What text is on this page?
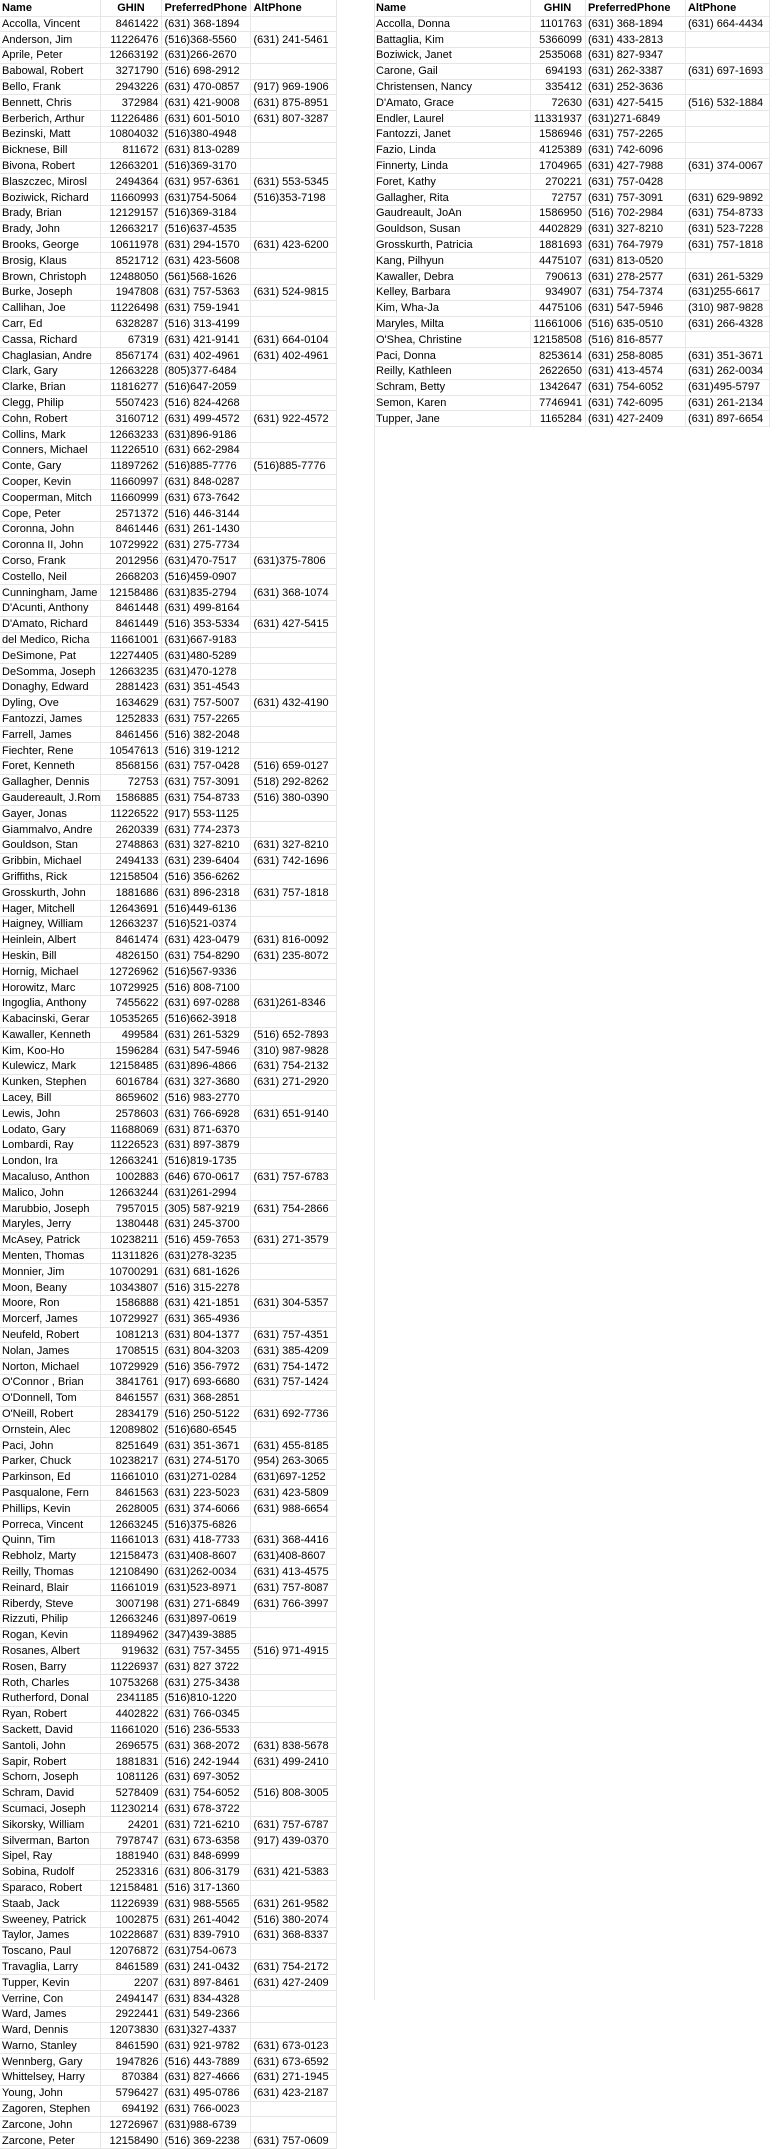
Name	GHIN	PreferredPhone	AltPhone
Accolla, Vincent	8461422	(631) 368-1894	
Anderson, Jim	11226476	(516)368-5560	(631) 241-5461
Aprile, Peter	12663192	(631)266-2670	
Babowal, Robert	3271790	(516) 698-2912	
Bello, Frank	2943226	(631) 470-0857	(917) 969-1906
Bennett, Chris	372984	(631) 421-9008	(631) 875-8951
Berberich, Arthur	11226486	(631) 601-5010	(631) 807-3287
Bezinski, Matt	10804032	(516)380-4948	
Bicknese, Bill	811672	(631) 813-0289	
Bivona, Robert	12663201	(516)369-3170	
Blaszczec, Mirosl	2494364	(631) 957-6361	(631) 553-5345
Boziwick, Richard	11660993	(631)754-5064	(516)353-7198
Brady, Brian	12129157	(516)369-3184	
Brady, John	12663217	(516)637-4535	
Brooks, George	10611978	(631) 294-1570	(631) 423-6200
Brosig, Klaus	8521712	(631) 423-5608	
Brown, Christoph	12488050	(561)568-1626	
Burke, Joseph	1947808	(631) 757-5363	(631) 524-9815
Callihan, Joe	11226498	(631) 759-1941	
Carr, Ed	6328287	(516) 313-4199	
Cassa, Richard	67319	(631) 421-9141	(631) 664-0104
Chaglasian, Andre	8567174	(631) 402-4961	(631) 402-4961
Clark, Gary	12663228	(805)377-6484	
Clarke, Brian	11816277	(516)647-2059	
Clegg, Philip	5507423	(516) 824-4268	
Cohn, Robert	3160712	(631) 499-4572	(631) 922-4572
Collins, Mark	12663233	(631)896-9186	
Conners, Michael	11226510	(631) 662-2984	
Conte, Gary	11897262	(516)885-7776	(516)885-7776
Cooper, Kevin	11660997	(631) 848-0287	
Cooperman, Mitch	11660999	(631) 673-7642	
Cope, Peter	2571372	(516) 446-3144	
Coronna, John	8461446	(631) 261-1430	
Coronna II, John	10729922	(631) 275-7734	
Corso, Frank	2012956	(631)470-7517	(631)375-7806
Costello, Neil	2668203	(516)459-0907	
Cunningham, Jame	12158486	(631)835-2794	(631) 368-1074
D'Acunti, Anthony	8461448	(631) 499-8164	
D'Amato, Richard	8461449	(516) 353-5334	(631) 427-5415
del Medico, Richa	11661001	(631)667-9183	
DeSimone, Pat	12274405	(631)480-5289	
DeSomma, Joseph	12663235	(631)470-1278	
Donaghy, Edward	2881423	(631) 351-4543	
Dyling, Ove	1634629	(631) 757-5007	(631) 432-4190
Fantozzi, James	1252833	(631) 757-2265	
Farrell, James	8461456	(516) 382-2048	
Fiechter, Rene	10547613	(516) 319-1212	
Foret, Kenneth	8568156	(631) 757-0428	(516) 659-0127
Gallagher, Dennis	72753	(631) 757-3091	(518) 292-8262
Gaudereault, J.Rom	1586885	(631) 754-8733	(516) 380-0390
Gayer, Jonas	11226522	(917) 553-1125	
Giammalvo, Andre	2620339	(631) 774-2373	
Gouldson, Stan	2748863	(631) 327-8210	(631) 327-8210
Gribbin, Michael	2494133	(631) 239-6404	(631) 742-1696
Griffiths, Rick	12158504	(516) 356-6262	
Grosskurth, John	1881686	(631) 896-2318	(631) 757-1818
Hager, Mitchell	12643691	(516)449-6136	
Haigney, William	12663237	(516)521-0374	
Heinlein, Albert	8461474	(631) 423-0479	(631) 816-0092
Heskin, Bill	4826150	(631) 754-8290	(631) 235-8072
Hornig, Michael	12726962	(516)567-9336	
Horowitz, Marc	10729925	(516) 808-7100	
Ingoglia, Anthony	7455622	(631) 697-0288	(631)261-8346
Kabacinski, Gerar	10535265	(516)662-3918	
Kawaller, Kenneth	499584	(631) 261-5329	(516) 652-7893
Kim, Koo-Ho	1596284	(631) 547-5946	(310) 987-9828
Kulewicz, Mark	12158485	(631)896-4866	(631) 754-2132
Kunken, Stephen	6016784	(631) 327-3680	(631) 271-2920
Lacey, Bill	8659602	(516) 983-2770	
Lewis, John	2578603	(631) 766-6928	(631) 651-9140
Lodato, Gary	11688069	(631) 871-6370	
Lombardi, Ray	11226523	(631) 897-3879	
London, Ira	12663241	(516)819-1735	
Macaluso, Anthon	1002883	(646) 670-0617	(631) 757-6783
Malico, John	12663244	(631)261-2994	
Marubbio, Joseph	7957015	(305) 587-9219	(631) 754-2866
Maryles, Jerry	1380448	(631) 245-3700	
McAsey, Patrick	10238211	(516) 459-7653	(631) 271-3579
Menten, Thomas	11311826	(631)278-3235	
Monnier, Jim	10700291	(631) 681-1626	
Moon, Beany	10343807	(516) 315-2278	
Moore, Ron	1586888	(631) 421-1851	(631) 304-5357
Morcerf, James	10729927	(631) 365-4936	
Neufeld, Robert	1081213	(631) 804-1377	(631) 757-4351
Nolan, James	1708515	(631) 804-3203	(631) 385-4209
Norton, Michael	10729929	(516) 356-7972	(631) 754-1472
O'Connor , Brian	3841761	(917) 693-6680	(631) 757-1424
O'Donnell, Tom	8461557	(631) 368-2851	
O'Neill, Robert	2834179	(516) 250-5122	(631) 692-7736
Ornstein, Alec	12089802	(516)680-6545	
Paci, John	8251649	(631) 351-3671	(631) 455-8185
Parker, Chuck	10238217	(631) 274-5170	(954) 263-3065
Parkinson, Ed	11661010	(631)271-0284	(631)697-1252
Pasqualone, Fern	8461563	(631) 223-5023	(631) 423-5809
Phillips, Kevin	2628005	(631) 374-6066	(631) 988-6654
Porreca, Vincent	12663245	(516)375-6826	
Quinn, Tim	11661013	(631) 418-7733	(631) 368-4416
Rebholz, Marty	12158473	(631)408-8607	(631)408-8607
Reilly, Thomas	12108490	(631)262-0034	(631) 413-4575
Reinard, Blair	11661019	(631)523-8971	(631) 757-8087
Riberdy, Steve	3007198	(631) 271-6849	(631) 766-3997
Rizzuti, Philip	12663246	(631)897-0619	
Rogan, Kevin	11894962	(347)439-3885	
Rosanes, Albert	919632	(631) 757-3455	(516) 971-4915
Rosen, Barry	11226937	(631) 827 3722	
Roth, Charles	10753268	(631) 275-3438	
Rutherford, Donal	2341185	(516)810-1220	
Ryan, Robert	4402822	(631) 766-0345	
Sackett, David	11661020	(516) 236-5533	
Santoli, John	2696575	(631) 368-2072	(631) 838-5678
Sapir, Robert	1881831	(516) 242-1944	(631) 499-2410
Schorn, Joseph	1081126	(631) 697-3052	
Schram, David	5278409	(631) 754-6052	(516) 808-3005
Scumaci, Joseph	11230214	(631) 678-3722	
Sikorsky, William	24201	(631) 721-6210	(631) 757-6787
Silverman, Barton	7978747	(631) 673-6358	(917) 439-0370
Sipel, Ray	1881940	(631) 848-6999	
Sobina, Rudolf	2523316	(631) 806-3179	(631) 421-5383
Sparaco, Robert	12158481	(516) 317-1360	
Staab, Jack	11226939	(631) 988-5565	(631) 261-9582
Sweeney, Patrick	1002875	(631) 261-4042	(516) 380-2074
Taylor, James	10228687	(631) 839-7910	(631) 368-8337
Toscano, Paul	12076872	(631)754-0673	
Travaglia, Larry	8461589	(631) 241-0432	(631) 754-2172
Tupper, Kevin	2207	(631) 897-8461	(631) 427-2409
Verrine, Con	2494147	(631) 834-4328	
Ward, James	2922441	(631) 549-2366	
Ward, Dennis	12073830	(631)327-4337	
Warno, Stanley	8461590	(631) 921-9782	(631) 673-0123
Wennberg, Gary	1947826	(516) 443-7889	(631) 673-6592
Whittelsey, Harry	870384	(631) 827-4666	(631) 271-1945
Young, John	5796427	(631) 495-0786	(631) 423-2187
Zagoren, Stephen	694192	(631) 766-0023	
Zarcone, John	12726967	(631)988-6739	
Zarcone, Peter	12158490	(516) 369-2238	(631) 757-0609
Name	GHIN	PreferredPhone	AltPhone
Accolla, Donna	1101763	(631) 368-1894	(631) 664-4434
Battaglia, Kim	5366099	(631) 433-2813	
Boziwick, Janet	2535068	(631) 827-9347	
Carone, Gail	694193	(631) 262-3387	(631) 697-1693
Christensen, Nancy	335412	(631) 252-3636	
D'Amato, Grace	72630	(631) 427-5415	(516) 532-1884
Endler, Laurel	11331937	(631)271-6849	
Fantozzi, Janet	1586946	(631) 757-2265	
Fazio, Linda	4125389	(631) 742-6096	
Finnerty, Linda	1704965	(631) 427-7988	(631) 374-0067
Foret, Kathy	270221	(631) 757-0428	
Gallagher, Rita	72757	(631) 757-3091	(631) 629-9892
Gaudreault, JoAn	1586950	(516) 702-2984	(631) 754-8733
Gouldson, Susan	4402829	(631) 327-8210	(631) 523-7228
Grosskurth, Patricia	1881693	(631) 764-7979	(631) 757-1818
Kang, Pilhyun	4475107	(631) 813-0520	
Kawaller, Debra	790613	(631) 278-2577	(631) 261-5329
Kelley, Barbara	934907	(631) 754-7374	(631)255-6617
Kim, Wha-Ja	4475106	(631) 547-5946	(310) 987-9828
Maryles, Milta	11661006	(516) 635-0510	(631) 266-4328
O'Shea, Christine	12158508	(516) 816-8577	
Paci, Donna	8253614	(631) 258-8085	(631) 351-3671
Reilly, Kathleen	2622650	(631) 413-4574	(631) 262-0034
Schram, Betty	1342647	(631) 754-6052	(631)495-5797
Semon, Karen	7746941	(631) 742-6095	(631) 261-2134
Tupper, Jane	1165284	(631) 427-2409	(631) 897-6654
